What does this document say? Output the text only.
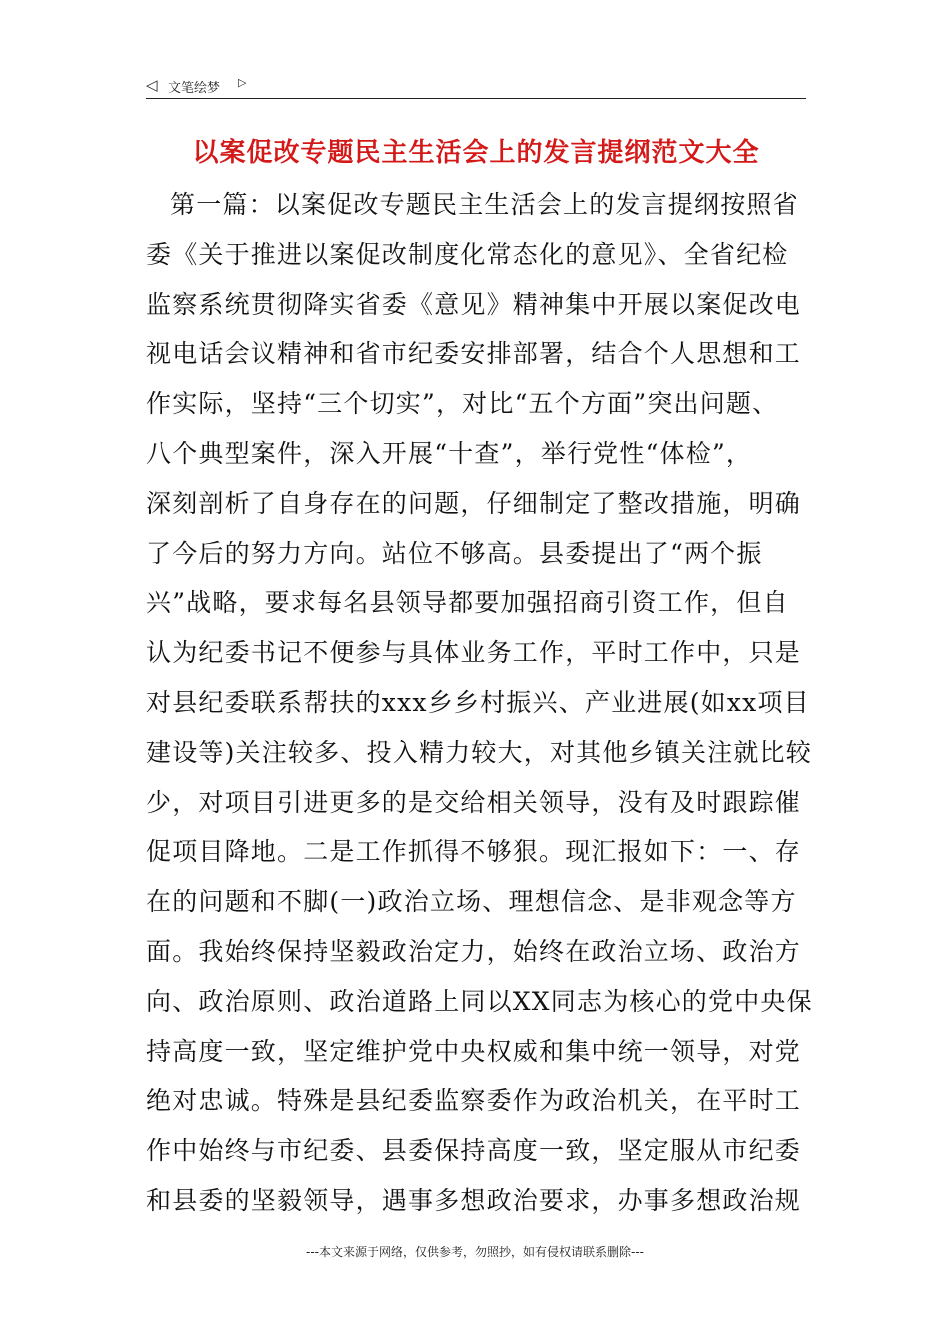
◁ 文笔绘梦 ▷
以案促改专题民主生活会上的发言提纲范文大全
第一篇：以案促改专题民主生活会上的发言提纲按照省
委《关于推进以案促改制度化常态化的意见》、全省纪检
监察系统贯彻降实省委《意见》精神集中开展以案促改电
视电话会议精神和省市纪委安排部署，结合个人思想和工
作实际，坚持“三个切实”，对比“五个方面”突出问题、
八个典型案件，深入开展“十查”，举行党性“体检”，
深刻剖析了自身存在的问题，仔细制定了整改措施，明确
了今后的努力方向。站位不够高。县委提出了“两个振
兴”战略，要求每名县领导都要加强招商引资工作，但自
认为纪委书记不便参与具体业务工作，平时工作中，只是
对县纪委联系帮扶的xxx乡乡村振兴、产业进展(如xx项目
建设等)关注较多、投入精力较大，对其他乡镇关注就比较
少，对项目引进更多的是交给相关领导，没有及时跟踪催
促项目降地。二是工作抓得不够狠。现汇报如下：一、存
在的问题和不脚(一)政治立场、理想信念、是非观念等方
面。我始终保持坚毅政治定力，始终在政治立场、政治方
向、政治原则、政治道路上同以XX同志为核心的党中央保
持高度一致，坚定维护党中央权威和集中统一领导，对党
绝对忠诚。特殊是县纪委监察委作为政治机关，在平时工
作中始终与市纪委、县委保持高度一致，坚定服从市纪委
和县委的坚毅领导，遇事多想政治要求，办事多想政治规
---本文来源于网络，仅供参考，勿照抄，如有侵权请联系删除---
